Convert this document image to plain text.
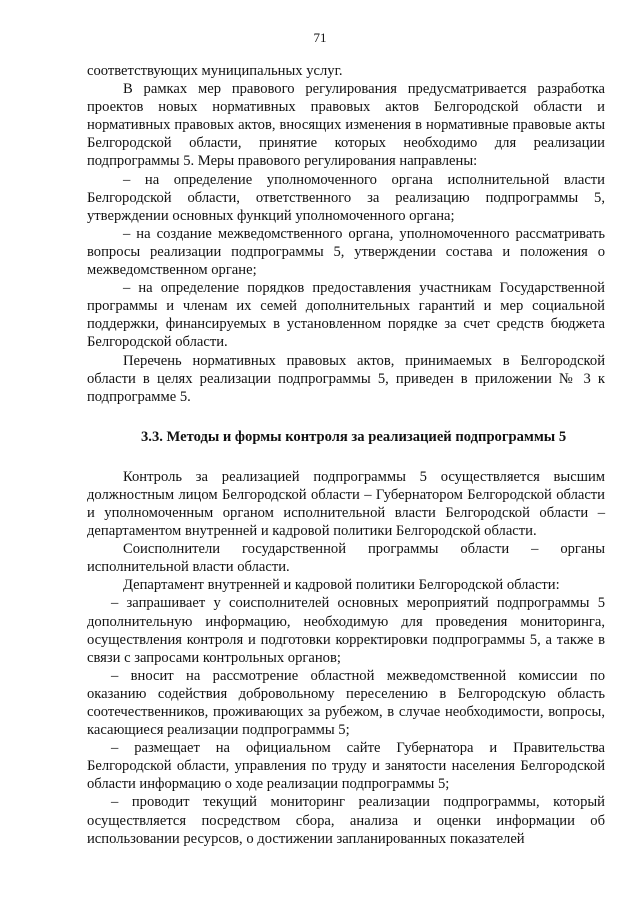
71

соответствующих муниципальных услуг.

В рамках мер правового регулирования предусматривается разработка проектов новых нормативных правовых актов Белгородской области и нормативных правовых актов, вносящих изменения в нормативные правовые акты Белгородской области, принятие которых необходимо для реализации подпрограммы 5. Меры правового регулирования направлены:

– на определение уполномоченного органа исполнительной власти Белгородской области, ответственного за реализацию подпрограммы 5, утверждении основных функций уполномоченного органа;

– на создание межведомственного органа, уполномоченного рассматривать вопросы реализации подпрограммы 5, утверждении состава и положения о межведомственном органе;

– на определение порядков предоставления участникам Государственной программы и членам их семей дополнительных гарантий и мер социальной поддержки, финансируемых в установленном порядке за счет средств бюджета Белгородской области.

Перечень нормативных правовых актов, принимаемых в Белгородской области в целях реализации подпрограммы 5, приведен в приложении № 3 к подпрограмме 5.

3.3. Методы и формы контроля за реализацией подпрограммы 5

Контроль за реализацией подпрограммы 5 осуществляется высшим должностным лицом Белгородской области – Губернатором Белгородской области и уполномоченным органом исполнительной власти Белгородской области – департаментом внутренней и кадровой политики Белгородской области.

Соисполнители государственной программы области – органы исполнительной власти области.

Департамент внутренней и кадровой политики Белгородской области:

– запрашивает у соисполнителей основных мероприятий подпрограммы 5 дополнительную информацию, необходимую для проведения мониторинга, осуществления контроля и подготовки корректировки подпрограммы 5, а также в связи с запросами контрольных органов;

– вносит на рассмотрение областной межведомственной комиссии по оказанию содействия добровольному переселению в Белгородскую область соотечественников, проживающих за рубежом, в случае необходимости, вопросы, касающиеся реализации подпрограммы 5;

– размещает на официальном сайте Губернатора и Правительства Белгородской области, управления по труду и занятости населения Белгородской области информацию о ходе реализации подпрограммы 5;

– проводит текущий мониторинг реализации подпрограммы, который осуществляется посредством сбора, анализа и оценки информации об использовании ресурсов, о достижении запланированных показателей
